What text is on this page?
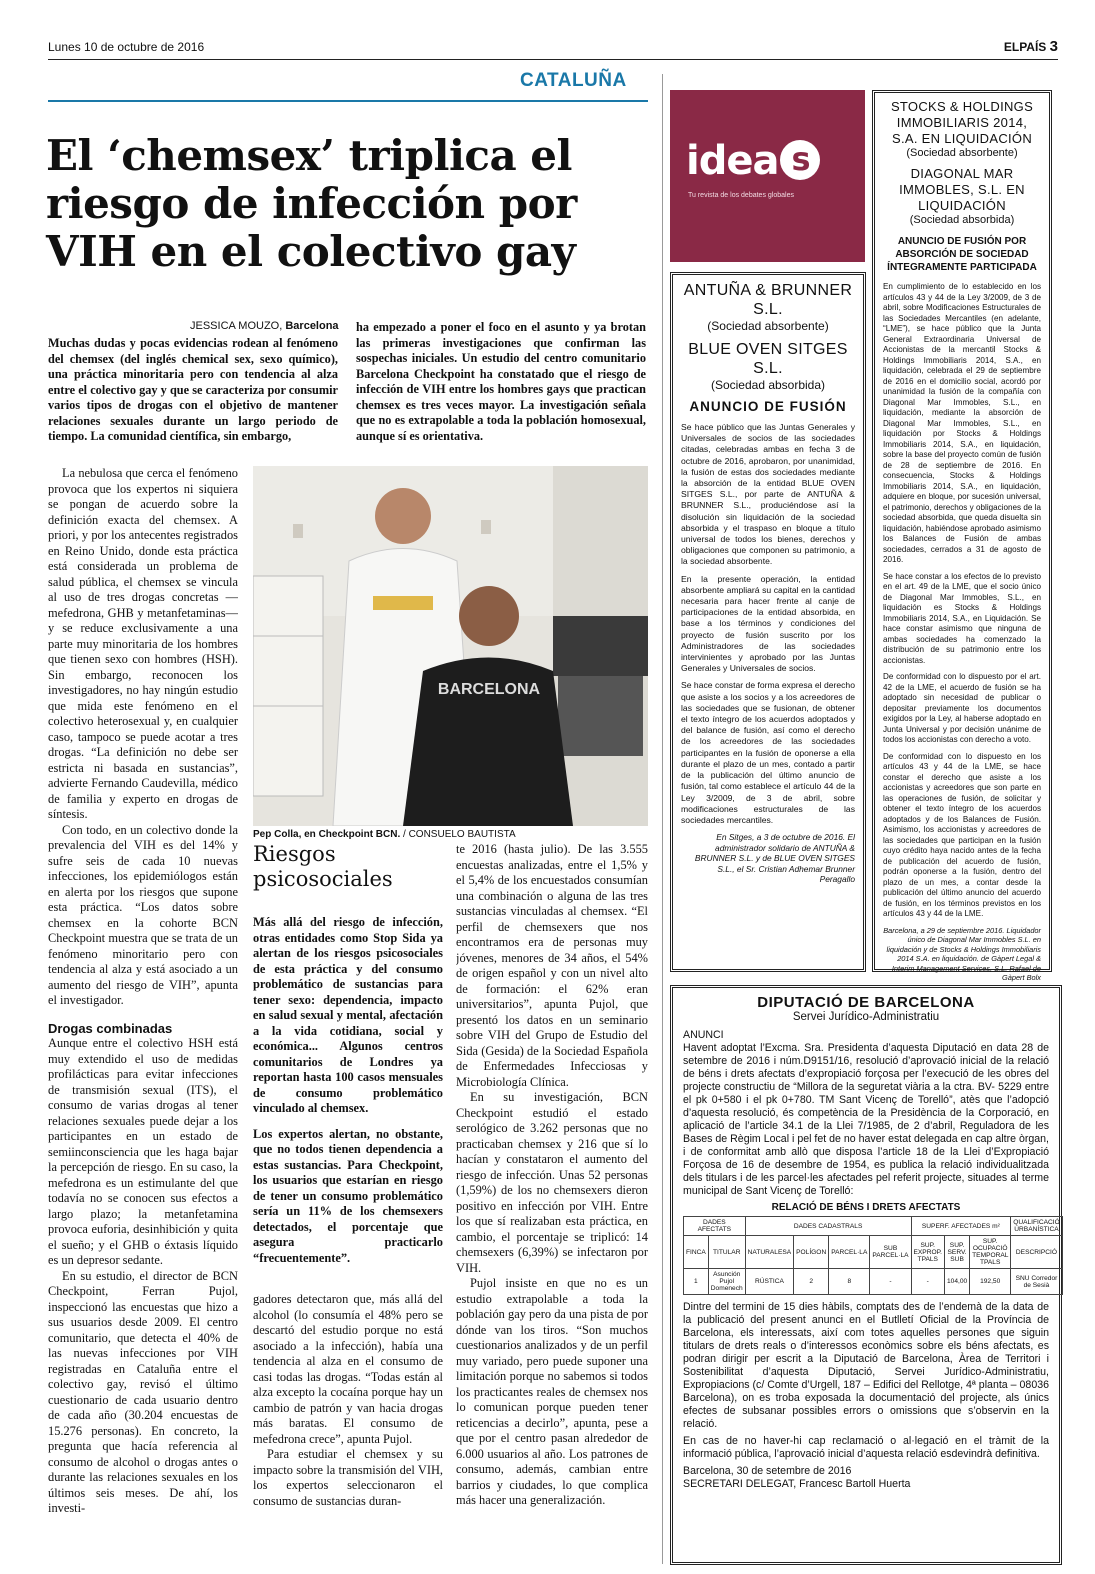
Lunes 10 de octubre de 2016	ELPAÍS 3
CATALUÑA
El ‘chemsex’ triplica el riesgo de infección por VIH en el colectivo gay
JESSICA MOUZO, Barcelona
Muchas dudas y pocas evidencias rodean al fenómeno del chemsex (del inglés chemical sex, sexo químico), una práctica minoritaria pero con tendencia al alza entre el colectivo gay y que se caracteriza por consumir varios tipos de drogas con el objetivo de mantener relaciones sexuales durante un largo periodo de tiempo. La comunidad científica, sin embargo,
ha empezado a poner el foco en el asunto y ya brotan las primeras investigaciones que confirman las sospechas iniciales. Un estudio del centro comunitario Barcelona Checkpoint ha constatado que el riesgo de infección de VIH entre los hombres gays que practican chemsex es tres veces mayor. La investigación señala que no es extrapolable a toda la población homosexual, aunque sí es orientativa.

La nebulosa que cerca el fenómeno provoca que los expertos ni siquiera se pongan de acuerdo sobre la definición exacta del chemsex. A priori, y por los antecentes registrados en Reino Unido, donde esta práctica está considerada un problema de salud pública, el chemsex se vincula al uso de tres drogas concretas —mefedrona, GHB y metanfetaminas— y se reduce exclusivamente a una parte muy minoritaria de los hombres que tienen sexo con hombres (HSH). Sin embargo, reconocen los investigadores, no hay ningún estudio que mida este fenómeno en el colectivo heterosexual y, en cualquier caso, tampoco se puede acotar a tres drogas. “La definición no debe ser estricta ni basada en sustancias”, advierte Fernando Caudevilla, médico de familia y experto en drogas de síntesis.

Con todo, en un colectivo donde la prevalencia del VIH es del 14% y sufre seis de cada 10 nuevas infecciones, los epidemiólogos están en alerta por los riesgos que supone esta práctica. “Los datos sobre chemsex en la cohorte BCN Checkpoint muestra que se trata de un fenómeno minoritario pero con tendencia al alza y está asociado a un aumento del riesgo de VIH”, apunta el investigador.

Drogas combinadas

Aunque entre el colectivo HSH está muy extendido el uso de medidas profilácticas para evitar infecciones de transmisión sexual (ITS), el consumo de varias drogas al tener relaciones sexuales puede dejar a los participantes en un estado de semiinconsciencia que les haga bajar la percepción de riesgo. En su caso, la mefedrona es un estimulante del que todavía no se conocen sus efectos a largo plazo; la metanfetamina provoca euforia, desinhibición y quita el sueño; y el GHB o éxtasis líquido es un depresor sedante.

En su estudio, el director de BCN Checkpoint, Ferran Pujol, inspeccionó las encuestas que hizo a sus usuarios desde 2009. El centro comunitario, que detecta el 40% de las nuevas infecciones por VIH registradas en Cataluña entre el colectivo gay, revisó el último cuestionario de cada usuario dentro de cada año (30.204 encuestas de 15.276 personas). En concreto, la pregunta que hacía referencia al consumo de alcohol o drogas antes o durante las relaciones sexuales en los últimos seis meses. De ahí, los investi-

BARCELONA
Pep Colla, en Checkpoint BCN. / CONSUELO BAUTISTA
Riesgos psicosociales

Más allá del riesgo de infección, otras entidades como Stop Sida ya alertan de los riesgos psicosociales de esta práctica y del consumo problemático de sustancias para tener sexo: dependencia, impacto en salud sexual y mental, afectación a la vida cotidiana, social y económica... Algunos centros comunitarios de Londres ya reportan hasta 100 casos mensuales de consumo problemático vinculado al chemsex.

Los expertos alertan, no obstante, que no todos tienen dependencia a estas sustancias. Para Checkpoint, los usuarios que estarían en riesgo de tener un consumo problemático sería un 11% de los chemsexers detectados, el porcentaje que asegura practicarlo “frecuentemente”.

gadores detectaron que, más allá del alcohol (lo consumía el 48% pero se descartó del estudio porque no está asociado a la infección), había una tendencia al alza en el consumo de casi todas las drogas. “Todas están al alza excepto la cocaína porque hay un cambio de patrón y van hacia drogas más baratas. El consumo de mefedrona crece”, apunta Pujol.

Para estudiar el chemsex y su impacto sobre la transmisión del VIH, los expertos seleccionaron el consumo de sustancias duran-

te 2016 (hasta julio). De las 3.555 encuestas analizadas, entre el 1,5% y el 5,4% de los encuestados consumían una combinación o alguna de las tres sustancias vinculadas al chemsex. “El perfil de chemsexers que nos encontramos era de personas muy jóvenes, menores de 34 años, el 54% de origen español y con un nivel alto de formación: el 62% eran universitarios”, apunta Pujol, que presentó los datos en un seminario sobre VIH del Grupo de Estudio del Sida (Gesida) de la Sociedad Española de Enfermedades Infecciosas y Microbiología Clínica.

En su investigación, BCN Checkpoint estudió el estado serológico de 3.262 personas que no practicaban chemsex y 216 que sí lo hacían y constataron el aumento del riesgo de infección. Unas 52 personas (1,59%) de los no chemsexers dieron positivo en infección por VIH. Entre los que sí realizaban esta práctica, en cambio, el porcentaje se triplicó: 14 chemsexers (6,39%) se infectaron por VIH.

Pujol insiste en que no es un estudio extrapolable a toda la población gay pero da una pista de por dónde van los tiros. “Son muchos cuestionarios analizados y de un perfil muy variado, pero puede suponer una limitación porque no sabemos si todos los practicantes reales de chemsex nos lo comunican porque pueden tener reticencias a decirlo”, apunta, pese a que por el centro pasan alrededor de 6.000 usuarios al año. Los patrones de consumo, además, cambian entre barrios y ciudades, lo que complica más hacer una generalización.

idea s
Tu revista de los debates globales
ANTUÑA & BRUNNER S.L.
(Sociedad absorbente)
BLUE OVEN SITGES S.L.
(Sociedad absorbida)
ANUNCIO DE FUSIÓN

Se hace público que las Juntas Generales y Universales de socios de las sociedades citadas, celebradas ambas en fecha 3 de octubre de 2016, aprobaron, por unanimidad, la fusión de estas dos sociedades mediante la absorción de la entidad BLUE OVEN SITGES S.L., por parte de ANTUÑA & BRUNNER S.L., produciéndose así la disolución sin liquidación de la sociedad absorbida y el traspaso en bloque a título universal de todos los bienes, derechos y obligaciones que componen su patrimonio, a la sociedad absorbente.

En la presente operación, la entidad absorbente ampliará su capital en la cantidad necesaria para hacer frente al canje de participaciones de la entidad absorbida, en base a los términos y condiciones del proyecto de fusión suscrito por los Administradores de las sociedades intervinientes y aprobado por las Juntas Generales y Universales de socios.

Se hace constar de forma expresa el derecho que asiste a los socios y a los acreedores de las sociedades que se fusionan, de obtener el texto íntegro de los acuerdos adoptados y del balance de fusión, así como el derecho de los acreedores de las sociedades participantes en la fusión de oponerse a ella durante el plazo de un mes, contado a partir de la publicación del último anuncio de fusión, tal como establece el artículo 44 de la Ley 3/2009, de 3 de abril, sobre modificaciones estructurales de las sociedades mercantiles.

En Sitges, a 3 de octubre de 2016. El administrador solidario de ANTUÑA & BRUNNER S.L. y de BLUE OVEN SITGES S.L., el Sr. Cristian Adhemar Brunner Peragallo
STOCKS & HOLDINGS IMMOBILIARIS 2014, S.A. EN LIQUIDACIÓN
(Sociedad absorbente)
DIAGONAL MAR IMMOBLES, S.L. EN LIQUIDACIÓN
(Sociedad absorbida)
ANUNCIO DE FUSIÓN POR ABSORCIÓN DE SOCIEDAD ÍNTEGRAMENTE PARTICIPADA

En cumplimiento de lo establecido en los artículos 43 y 44 de la Ley 3/2009, de 3 de abril, sobre Modificaciones Estructurales de las Sociedades Mercantiles (en adelante, “LME”), se hace público que la Junta General Extraordinaria Universal de Accionistas de la mercantil Stocks & Holdings Immobiliaris 2014, S.A., en liquidación, celebrada el 29 de septiembre de 2016 en el domicilio social, acordó por unanimidad la fusión de la compañía con Diagonal Mar Immobles, S.L., en liquidación, mediante la absorción de Diagonal Mar Immobles, S.L., en liquidación por Stocks & Holdings Immobiliaris 2014, S.A., en liquidación, sobre la base del proyecto común de fusión de 28 de septiembre de 2016. En consecuencia, Stocks & Holdings Immobiliaris 2014, S.A., en liquidación, adquiere en bloque, por sucesión universal, el patrimonio, derechos y obligaciones de la sociedad absorbida, que queda disuelta sin liquidación, habiéndose aprobado asimismo los Balances de Fusión de ambas sociedades, cerrados a 31 de agosto de 2016.

Se hace constar a los efectos de lo previsto en el art. 49 de la LME, que el socio único de Diagonal Mar Immobles, S.L., en liquidación es Stocks & Holdings Immobiliaris 2014, S.A., en Liquidación. Se hace constar asimismo que ninguna de ambas sociedades ha comenzado la distribución de su patrimonio entre los accionistas.

De conformidad con lo dispuesto por el art. 42 de la LME, el acuerdo de fusión se ha adoptado sin necesidad de publicar o depositar previamente los documentos exigidos por la Ley, al haberse adoptado en Junta Universal y por decisión unánime de todos los accionistas con derecho a voto.

De conformidad con lo dispuesto en los artículos 43 y 44 de la LME, se hace constar el derecho que asiste a los accionistas y acreedores que son parte en las operaciones de fusión, de solicitar y obtener el texto íntegro de los acuerdos adoptados y de los Balances de Fusión. Asimismo, los accionistas y acreedores de las sociedades que participan en la fusión cuyo crédito haya nacido antes de la fecha de publicación del acuerdo de fusión, podrán oponerse a la fusión, dentro del plazo de un mes, a contar desde la publicación del último anuncio del acuerdo de fusión, en los términos previstos en los artículos 43 y 44 de la LME.

Barcelona, a 29 de septiembre 2016. Liquidador único de Diagonal Mar Immobles S.L. en liquidación y de Stocks & Holdings Immobiliaris 2014 S.A. en liquidación. de Gàpert Legal & Interim Management Services, S.L. Rafael de Gàpert Bolx
DIPUTACIÓ DE BARCELONA
Servei Jurídico-Administratiu

ANUNCI

Havent adoptat l’Excma. Sra. Presidenta d’aquesta Diputació en data 28 de setembre de 2016 i núm.D9151/16, resolució d’aprovació inicial de la relació de béns i drets afectats d’expropiació forçosa per l’execució de les obres del projecte constructiu de “Millora de la seguretat viària a la ctra. BV- 5229 entre el pk 0+580 i el pk 0+780. TM Sant Vicenç de Torelló”, atès que l’adopció d’aquesta resolució, és competència de la Presidència de la Corporació, en aplicació de l’article 34.1 de la Llei 7/1985, de 2 d’abril, Reguladora de les Bases de Règim Local i pel fet de no haver estat delegada en cap altre òrgan, i de conformitat amb allò que disposa l’article 18 de la Llei d’Expropiació Forçosa de 16 de desembre de 1954, es publica la relació individualitzada dels titulars i de les parcel·les afectades pel referit projecte, situades al terme municipal de Sant Vicenç de Torelló:

RELACIÓ DE BÉNS I DRETS AFECTATS
DADES AFECTATS		DADES CADASTRALS				SUPERF. AFECTADES m²			QUALIFICACIÓ URBANÍSTICA
FINCA	TITULAR	NATURALESA	POLÍGON	PARCEL·LA	SUB PARCEL·LA	SUP. EXPROP. TPALS	SUP. SERV. SUB	SUP. OCUPACIÓ TEMPORAL TPALS	DESCRIPCIÓ
1	Asunción Pujol Domenech	RÚSTICA	2	8	-	-	104,00	192,50	SNU Corredor de Sesià

Dintre del termini de 15 dies hàbils, comptats des de l’endemà de la data de la publicació del present anunci en el Butlletí Oficial de la Província de Barcelona, els interessats, així com totes aquelles persones que siguin titulars de drets reals o d’interessos econòmics sobre els béns afectats, es podran dirigir per escrit a la Diputació de Barcelona, Àrea de Territori i Sostenibilitat d’aquesta Diputació, Servei Jurídico-Administratiu, Expropiacions (c/ Comte d’Urgell, 187 – Edifici del Rellotge, 4ª planta – 08036 Barcelona), on es troba exposada la documentació del projecte, als únics efectes de subsanar possibles errors o omissions que s’observin en la relació.

En cas de no haver-hi cap reclamació o al·legació en el tràmit de la informació pública, l’aprovació inicial d’aquesta relació esdevindrà definitiva.

Barcelona, 30 de setembre de 2016

SECRETARI DELEGAT, Francesc Bartoll Huerta
